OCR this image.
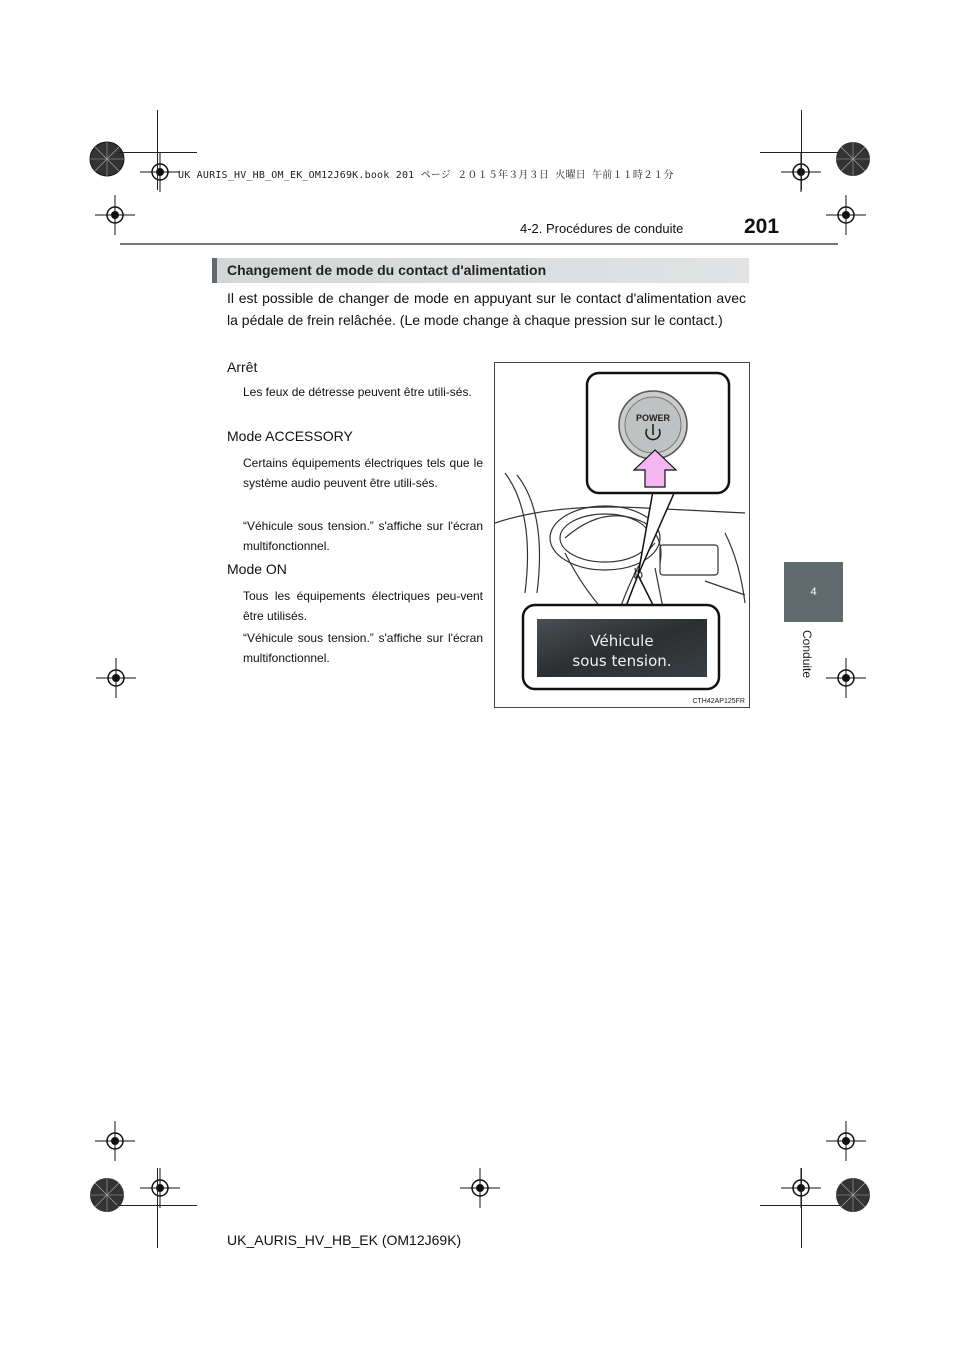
UK AURIS_HV_HB_OM_EK_OM12J69K.book 201 ページ ２０１５年３月３日 火曜日 午前１１時２１分
4-2. Procédures de conduite	201
4
Conduite
Changement de mode du contact d'alimentation
Il est possible de changer de mode en appuyant sur le contact d'alimentation avec la pédale de frein relâchée. (Le mode change à chaque pression sur le contact.)
Arrêt
Les feux de détresse peuvent être utili-sés.
Mode ACCESSORY
Certains équipements électriques tels que le système audio peuvent être utili-sés.
“Véhicule sous tension.” s'affiche sur l'écran multifonctionnel.
Mode ON
Tous les équipements électriques peu-vent être utilisés.
“Véhicule sous tension.” s'affiche sur l'écran multifonctionnel.
POWER
Véhicule
sous tension.
CTH42AP125FR
UK_AURIS_HV_HB_EK (OM12J69K)
